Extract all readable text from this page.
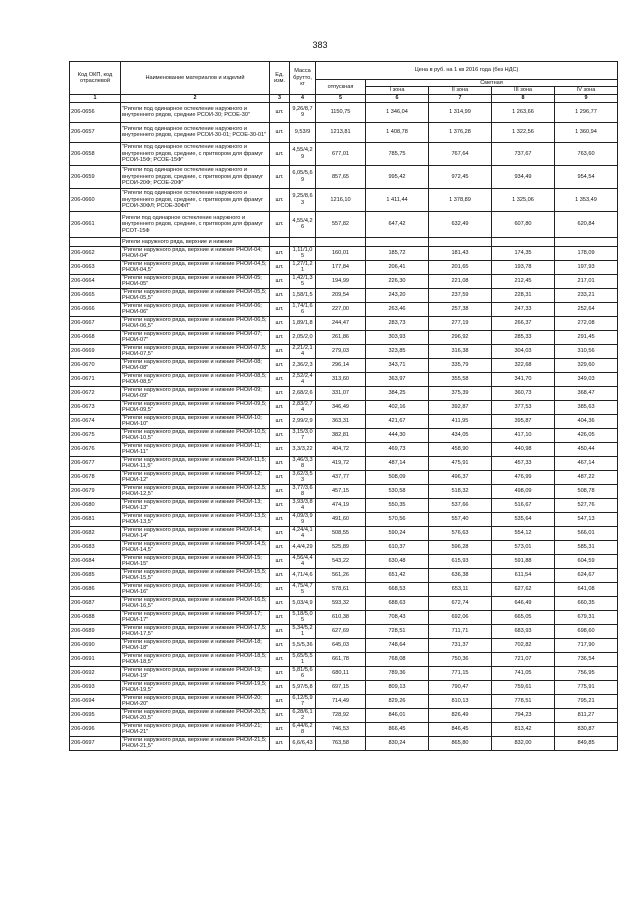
383
Код ОКП, код отраслевой	Наименование материалов и изделий	Ед. изм.	Масса брутто, кг	Цена в руб. на 1 кв 2016 года (без НДС)				
				отпускная	Сметная			
					I зона	II зона	III зона	IV зона
1	2	3	4	5	6	7	8	9
206-0656	"Ригели под одинарное остекление наружного и внутреннего рядов, средние РСОИ-30; РСОЕ-30"	шт.	9,26/8,7 9	1150,75	1 346,04	1 314,99	1 263,66	1 296,77
206-0657	"Ригели под одинарное остекление наружного и внутреннего рядов, средние РСОИ-30-01; РСОЕ-30-01"	шт.	9,53/9	1213,81	1 408,78	1 376,28	1 322,56	1 360,94
206-0658	"Ригели под одинарное остекление наружного и внутреннего рядов, средние, с притвором для фрамуг РСОИ-15Ф; РСОЕ-15Ф"	шт.	4,55/4,2 9	677,01	785,75	767,64	737,67	763,60
206-0659	"Ригели под одинарное остекление наружного и внутреннего рядов, средние, с притвором для фрамуг РСОИ-20Ф; РСОЕ-20Ф"	шт.	6,05/5,6 9	857,65	995,42	972,45	934,49	954,54
206-0660	"Ригели под одинарное остекление наружного и внутреннего рядов, средние, с притвором для фрамуг РСОИ-30ФЛ; РСОЕ-30ФЛ"	шт.	9,25/8,6 3	1216,10	1 411,44	1 378,89	1 325,06	1 353,49
206-0661	Ригели под одинарное остекление наружного и внутреннего рядов, средние, с притвором для фрамуг РСОТ-15Ф	шт.	4,55/4,2 6	557,82	647,42	632,49	607,80	620,84
	Ригели наружного ряда, верхние и нижние							
206-0662	"Ригели наружного ряда, верхние и нижние РНОИ-04; РНОИ-04"	шт.	1,11/1,0 5	160,01	185,72	181,43	174,35	178,09
206-0663	"Ригели наружного ряда, верхние и нижние РНОИ-04,5; РНОИ-04,5"	шт.	1,27/1,2 1	177,84	206,41	201,65	193,78	197,93
206-0664	"Ригели наружного ряда, верхние и нижние РНОИ-05; РНОИ-05"	шт.	1,42/1,3 5	194,99	226,30	221,08	212,45	217,01
206-0665	"Ригели наружного ряда, верхние и нижние РНОИ-05,5; РНОИ-05,5"	шт.	1,58/1,5	209,54	243,20	237,59	228,31	233,21
206-0666	"Ригели наружного ряда, верхние и нижние РНОИ-06; РНОИ-06"	шт.	1,74/1,6 6	227,00	263,46	257,38	247,33	252,64
206-0667	"Ригели наружного ряда, верхние и нижние РНОИ-06,5; РНОИ-06,5"	шт.	1,89/1,8	244,47	283,73	277,19	266,37	272,08
206-0668	"Ригели наружного ряда, верхние и нижние РНОИ-07; РНОИ-07"	шт.	2,05/2,0	261,86	303,93	296,92	285,33	291,45
206-0669	"Ригели наружного ряда, верхние и нижние РНОИ-07,5; РНОИ-07,5"	шт.	2,21/2,1 4	279,03	323,85	316,38	304,03	310,56
206-0670	"Ригели наружного ряда, верхние и нижние РНОИ-08; РНОИ-08"	шт.	2,36/2,3	296,14	343,71	335,79	322,68	329,60
206-0671	"Ригели наружного ряда, верхние и нижние РНОИ-08,5; РНОИ-08,5"	шт.	2,52/2,4 4	313,60	363,97	355,58	341,70	349,03
206-0672	"Ригели наружного ряда, верхние и нижние РНОИ-09; РНОИ-09"	шт.	2,68/2,6	331,07	384,25	375,39	360,73	368,47
206-0673	"Ригели наружного ряда, верхние и нижние РНОИ-09,5; РНОИ-09,5"	шт.	2,83/2,7 4	346,49	402,16	392,87	377,53	385,63
206-0674	"Ригели наружного ряда, верхние и нижние РНОИ-10; РНОИ-10"	шт.	2,99/2,9	363,31	421,67	411,95	395,87	404,36
206-0675	"Ригели наружного ряда, верхние и нижние РНОИ-10,5; РНОИ-10,5"	шт.	3,15/3,0 7	382,81	444,30	434,05	417,10	426,05
206-0676	"Ригели наружного ряда, верхние и нижние РНОИ-11; РНОИ-11"	шт.	3,3/3,22	404,72	469,73	458,90	440,98	450,44
206-0677	"Ригели наружного ряда, верхние и нижние РНОИ-11,5; РНОИ-11,5"	шт.	3,46/3,3 8	419,72	487,14	475,91	457,33	467,14
206-0678	"Ригели наружного ряда, верхние и нижние РНОИ-12; РНОИ-12"	шт.	3,62/3,5 3	437,77	508,09	496,37	476,99	487,22
206-0679	"Ригели наружного ряда, верхние и нижние РНОИ-12,5; РНОИ-12,5"	шт.	3,77/3,6 8	457,15	530,58	518,32	498,09	508,78
206-0680	"Ригели наружного ряда, верхние и нижние РНОИ-13; РНОИ-13"	шт.	3,93/3,8 4	474,19	550,35	537,66	516,67	527,76
206-0681	"Ригели наружного ряда, верхние и нижние РНОИ-13,5; РНОИ-13,5"	шт.	4,09/3,9 9	491,60	570,56	557,40	535,64	547,13
206-0682	"Ригели наружного ряда, верхние и нижние РНОИ-14; РНОИ-14"	шт.	4,24/4,1 4	508,55	590,24	576,63	554,12	566,01
206-0683	"Ригели наружного ряда, верхние и нижние РНОИ-14,5; РНОИ-14,5"	шт.	4,4/4,29	525,89	610,37	596,28	573,01	585,31
206-0684	"Ригели наружного ряда, верхние и нижние РНОИ-15; РНОИ-15"	шт.	4,56/4,4 4	543,22	630,48	615,93	591,88	604,59
206-0685	"Ригели наружного ряда, верхние и нижние РНОИ-15,5; РНОИ-15,5"	шт.	4,71/4,6	561,26	651,42	636,38	611,54	624,67
206-0686	"Ригели наружного ряда, верхние и нижние РНОИ-16; РНОИ-16"	шт.	4,75/4,7 5	578,61	668,53	653,11	627,62	641,08
206-0687	"Ригели наружного ряда, верхние и нижние РНОИ-16,5; РНОИ-16,5"	шт.	5,03/4,9	593,32	688,63	672,74	646,49	660,35
206-0688	"Ригели наружного ряда, верхние и нижние РНОИ-17; РНОИ-17"	шт.	5,18/5,0 5	610,38	708,43	692,06	665,05	679,31
206-0689	"Ригели наружного ряда, верхние и нижние РНОИ-17,5; РНОИ-17,5"	шт.	5,34/5,2 1	627,69	728,51	711,71	683,93	698,60
206-0690	"Ригели наружного ряда, верхние и нижние РНОИ-18; РНОИ-18"	шт.	5,5/5,36	645,03	748,64	731,37	702,82	717,90
206-0691	"Ригели наружного ряда, верхние и нижние РНОИ-18,5; РНОИ-18,5"	шт.	5,65/5,5 1	661,78	768,08	750,36	721,07	736,54
206-0692	"Ригели наружного ряда, верхние и нижние РНОИ-19; РНОИ-19"	шт.	5,81/5,6 6	680,11	789,36	771,15	741,05	756,95
206-0693	"Ригели наружного ряда, верхние и нижние РНОИ-19,5; РНОИ-19,5"	шт.	5,97/5,8	697,15	809,13	790,47	759,61	775,91
206-0694	"Ригели наружного ряда, верхние и нижние РНОИ-20; РНОИ-20"	шт.	6,12/5,9 7	714,49	829,26	810,13	778,51	795,21
206-0695	"Ригели наружного ряда, верхние и нижние РНОИ-20,5; РНОИ-20,5"	шт.	6,28/6,1 2	728,92	846,01	826,49	794,23	811,27
206-0696	"Ригели наружного ряда, верхние и нижние РНОИ-21; РНОИ-21"	шт.	6,44/6,2 8	746,53	866,45	846,45	813,42	830,87
206-0697	"Ригели наружного ряда, верхние и нижние РНОИ-21,5; РНОИ-21,5"	шт.	6,6/6,43	763,58	830,24	865,80	832,00	849,85
